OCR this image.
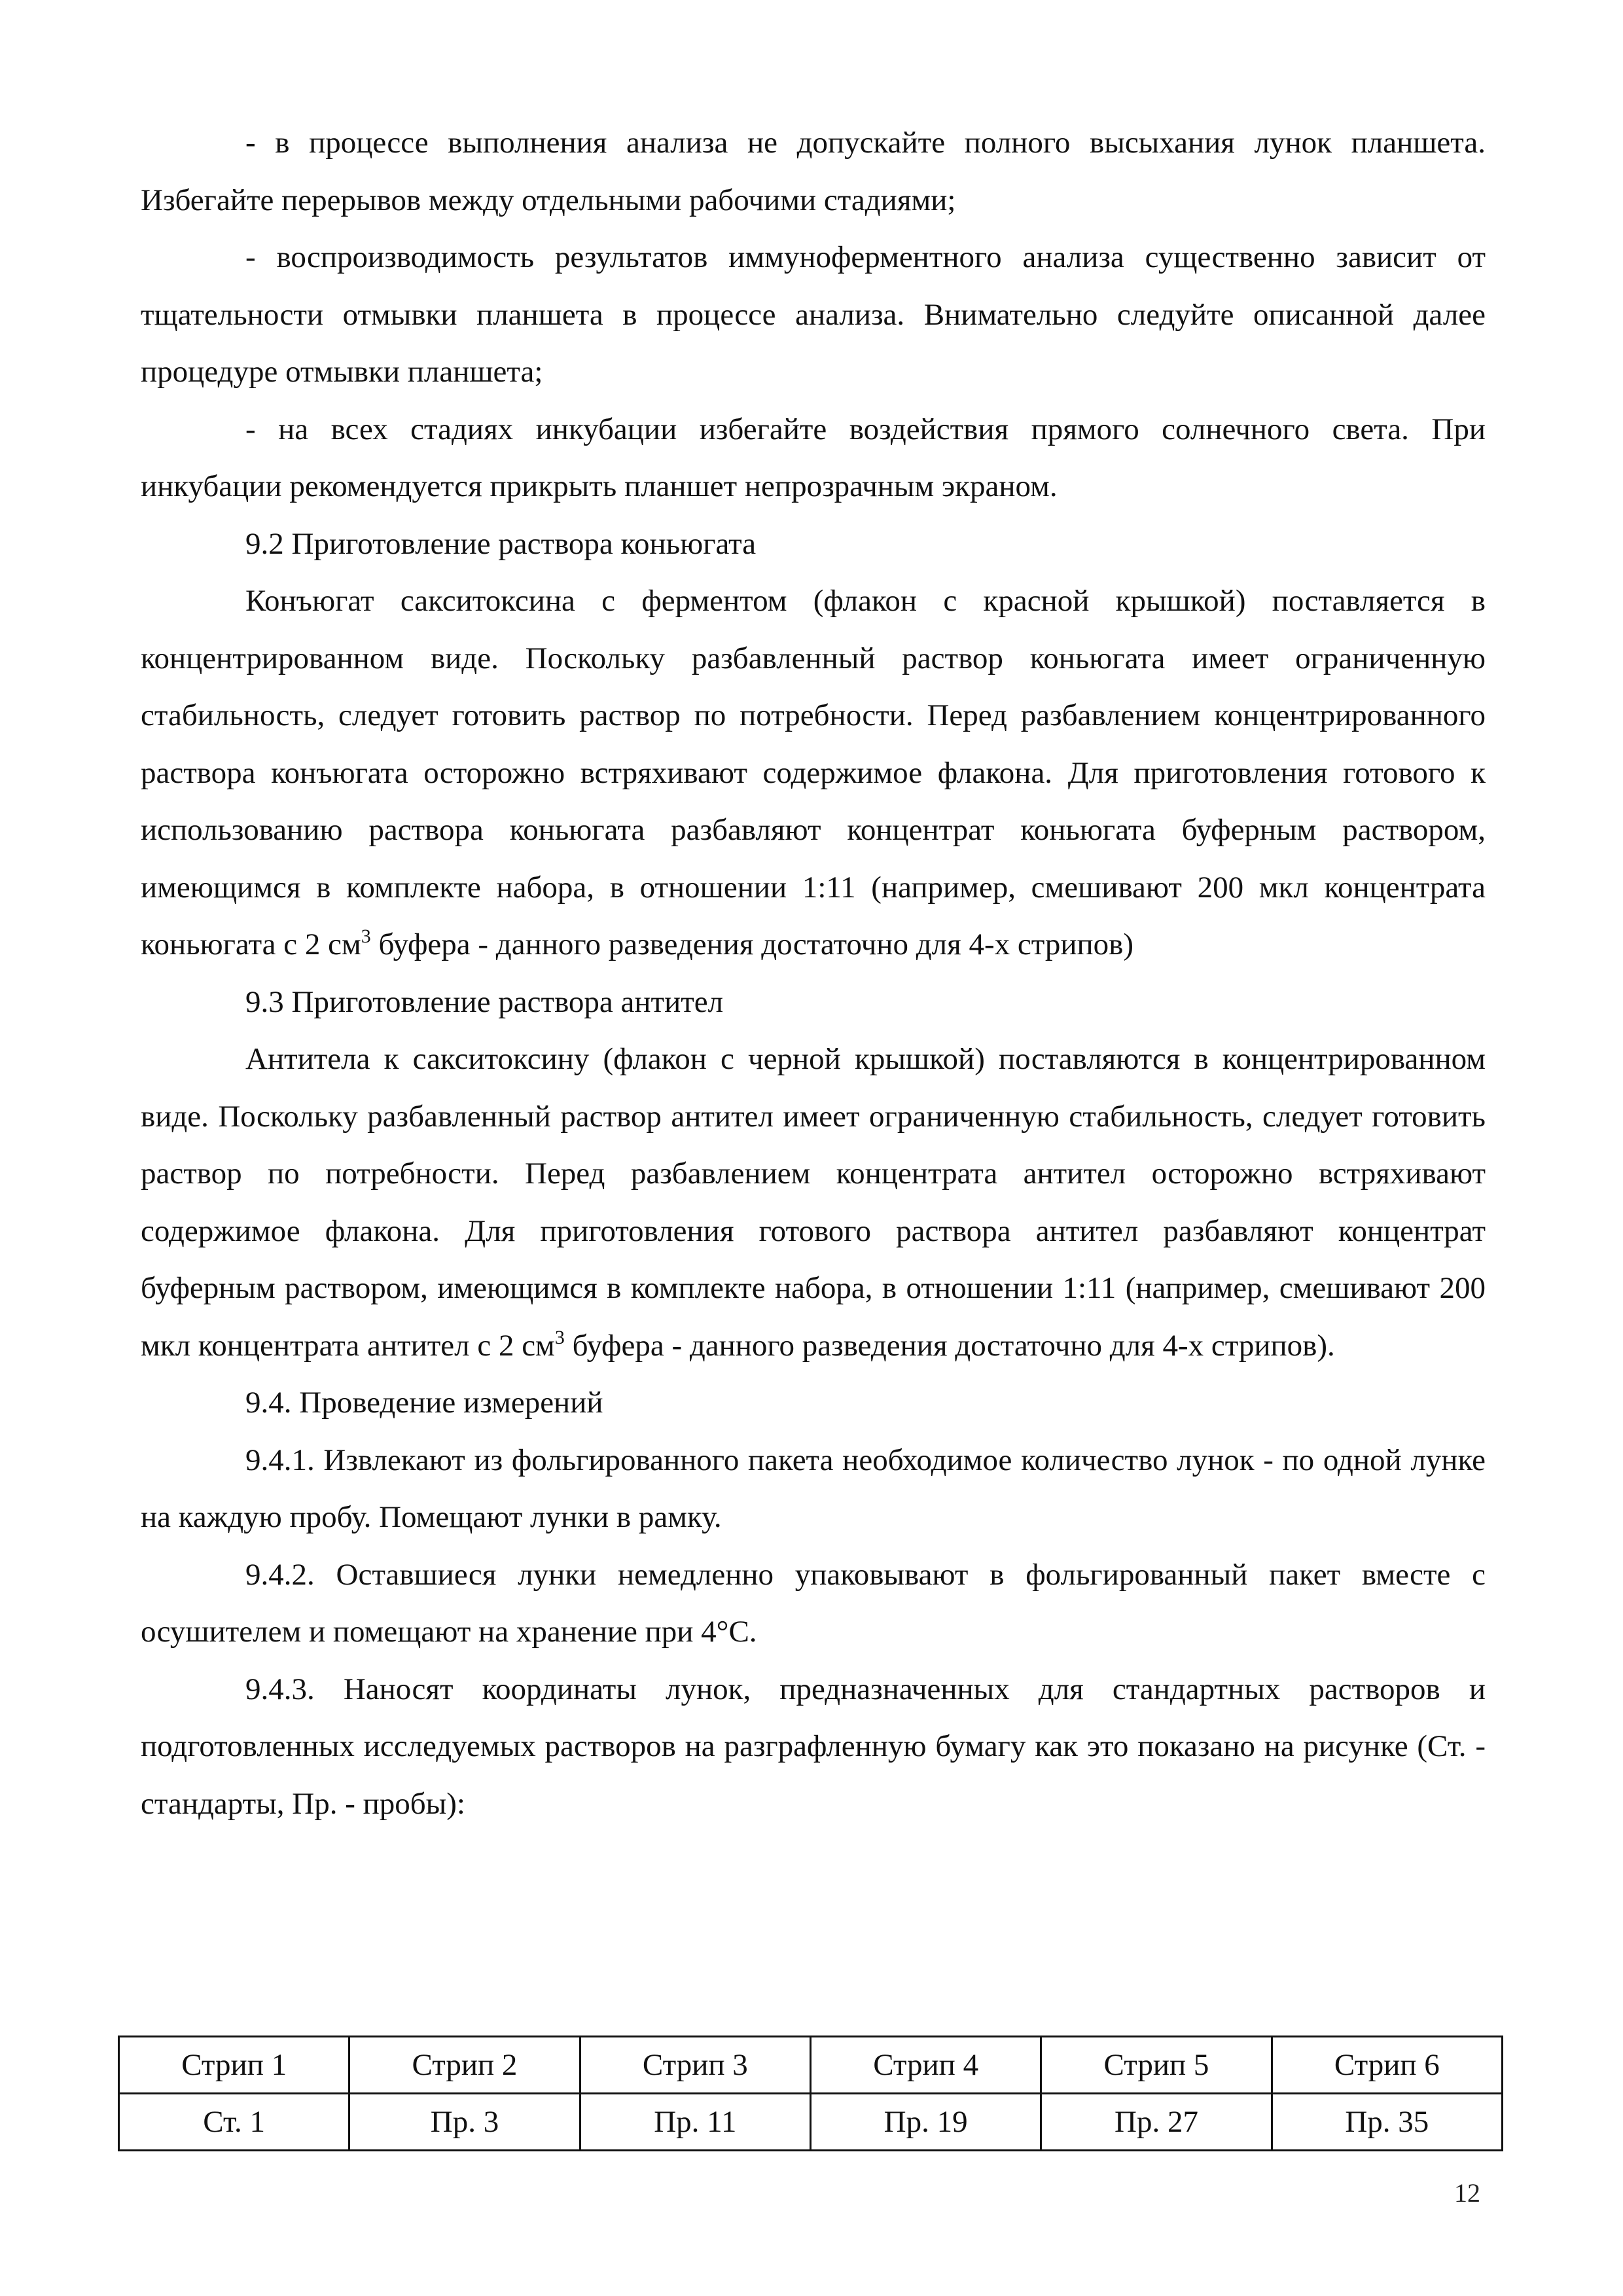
- в процессе выполнения анализа не допускайте полного высыхания лунок планшета. Избегайте перерывов между отдельными рабочими стадиями;

- воспроизводимость результатов иммуноферментного анализа существенно зависит от тщательности отмывки планшета в процессе анализа. Внимательно следуйте описанной далее процедуре отмывки планшета;

- на всех стадиях инкубации избегайте воздействия прямого солнечного света. При инкубации рекомендуется прикрыть планшет непрозрачным экраном.

9.2 Приготовление раствора коньюгата

Конъюгат сакситоксина с ферментом (флакон с красной крышкой) поставляется в концентрированном виде. Поскольку разбавленный раствор коньюгата имеет ограниченную стабильность, следует готовить раствор по потребности. Перед разбавлением концентрированного раствора конъюгата осторожно встряхивают содержимое флакона. Для приготовления готового к использованию раствора коньюгата разбавляют концентрат коньюгата буферным раствором, имеющимся в комплекте набора, в отношении 1:11 (например, смешивают 200 мкл концентрата коньюгата с 2 $см^3$ буфера - данного разведения достаточно для 4-х стрипов)

9.3 Приготовление раствора антител

Антитела к сакситоксину (флакон с черной крышкой) поставляются в концентрированном виде. Поскольку разбавленный раствор антител имеет ограниченную стабильность, следует готовить раствор по потребности. Перед разбавлением концентрата антител осторожно встряхивают содержимое флакона. Для приготовления готового раствора антител разбавляют концентрат буферным раствором, имеющимся в комплекте набора, в отношении 1:11 (например, смешивают 200 мкл концентрата антител с 2 $см^3$ буфера - данного разведения достаточно для 4-х стрипов).

9.4. Проведение измерений

9.4.1. Извлекают из фольгированного пакета необходимое количество лунок - по одной лунке на каждую пробу. Помещают лунки в рамку.

9.4.2. Оставшиеся лунки немедленно упаковывают в фольгированный пакет вместе с осушителем и помещают на хранение при 4°С.

9.4.3. Наносят координаты лунок, предназначенных для стандартных растворов и подготовленных исследуемых растворов на разграфленную бумагу как это показано на рисунке (Ст. - стандарты, Пр. - пробы):

Стрип 1	Стрип 2	Стрип 3	Стрип 4	Стрип 5	Стрип 6
Ст. 1	Пр. 3	Пр. 11	Пр. 19	Пр. 27	Пр. 35
12
